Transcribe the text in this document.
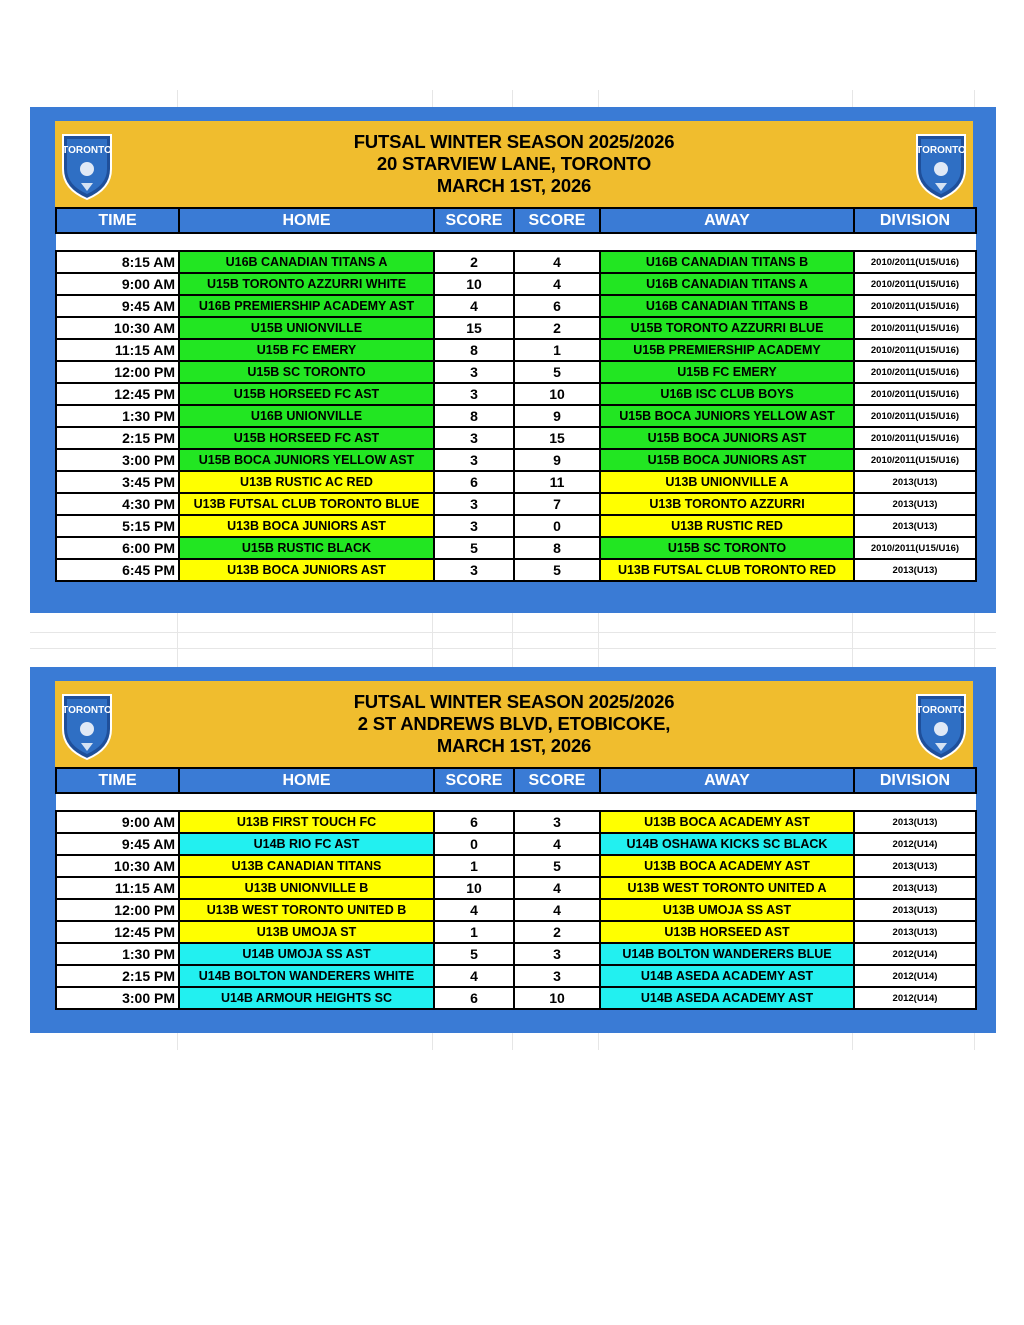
TORONTO	FUTSAL WINTER SEASON 2025/2026
20 STARVIEW LANE, TORONTO
MARCH 1ST, 2026
TORONTO
TIME	HOME	SCORE	SCORE	AWAY	DIVISION

8:15 AM	U16B CANADIAN TITANS A	2	4	U16B CANADIAN TITANS B	2010/2011(U15/U16)
9:00 AM	U15B TORONTO AZZURRI WHITE	10	4	U16B CANADIAN TITANS A	2010/2011(U15/U16)
9:45 AM	U16B PREMIERSHIP ACADEMY AST	4	6	U16B CANADIAN TITANS B	2010/2011(U15/U16)
10:30 AM	U15B UNIONVILLE	15	2	U15B TORONTO AZZURRI BLUE	2010/2011(U15/U16)
11:15 AM	U15B FC EMERY	8	1	U15B PREMIERSHIP ACADEMY	2010/2011(U15/U16)
12:00 PM	U15B SC TORONTO	3	5	U15B FC EMERY	2010/2011(U15/U16)
12:45 PM	U15B HORSEED FC AST	3	10	U16B ISC CLUB BOYS	2010/2011(U15/U16)
1:30 PM	U16B UNIONVILLE	8	9	U15B BOCA JUNIORS YELLOW AST	2010/2011(U15/U16)
2:15 PM	U15B HORSEED FC AST	3	15	U15B BOCA JUNIORS AST	2010/2011(U15/U16)
3:00 PM	U15B BOCA JUNIORS YELLOW AST	3	9	U15B BOCA JUNIORS AST	2010/2011(U15/U16)
3:45 PM	U13B RUSTIC AC RED	6	11	U13B UNIONVILLE A	2013(U13)
4:30 PM	U13B FUTSAL CLUB TORONTO BLUE	3	7	U13B TORONTO AZZURRI	2013(U13)
5:15 PM	U13B BOCA JUNIORS AST	3	0	U13B RUSTIC RED	2013(U13)
6:00 PM	U15B RUSTIC BLACK	5	8	U15B SC TORONTO	2010/2011(U15/U16)
6:45 PM	U13B BOCA JUNIORS AST	3	5	U13B FUTSAL CLUB TORONTO RED	2013(U13)
TORONTO	FUTSAL WINTER SEASON 2025/2026
2 ST ANDREWS BLVD, ETOBICOKE,
MARCH 1ST, 2026
TORONTO
TIME	HOME	SCORE	SCORE	AWAY	DIVISION

9:00 AM	U13B FIRST TOUCH FC	6	3	U13B BOCA ACADEMY AST	2013(U13)
9:45 AM	U14B RIO FC AST	0	4	U14B OSHAWA KICKS SC BLACK	2012(U14)
10:30 AM	U13B CANADIAN TITANS	1	5	U13B BOCA ACADEMY AST	2013(U13)
11:15 AM	U13B UNIONVILLE B	10	4	U13B WEST TORONTO UNITED A	2013(U13)
12:00 PM	U13B WEST TORONTO UNITED B	4	4	U13B UMOJA SS AST	2013(U13)
12:45 PM	U13B UMOJA ST	1	2	U13B HORSEED AST	2013(U13)
1:30 PM	U14B UMOJA SS AST	5	3	U14B BOLTON WANDERERS BLUE	2012(U14)
2:15 PM	U14B BOLTON WANDERERS WHITE	4	3	U14B ASEDA ACADEMY AST	2012(U14)
3:00 PM	U14B ARMOUR HEIGHTS SC	6	10	U14B ASEDA ACADEMY AST	2012(U14)
